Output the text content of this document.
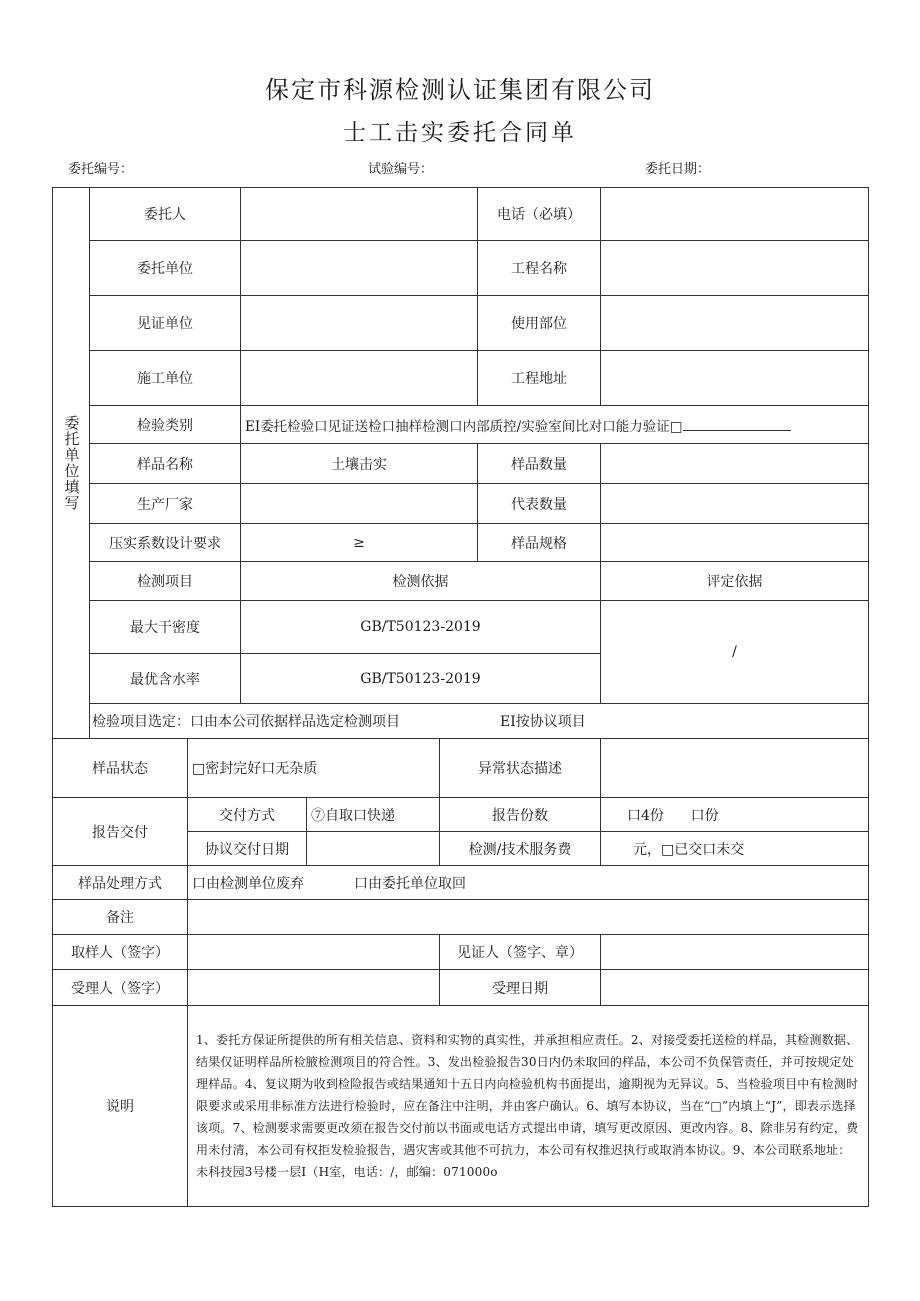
保定市科源检测认证集团有限公司
士工击实委托合同单
委托编号：	试验编号：	委托日期：
委托单位填写	委托人		电话（必填）	
	委托单位		工程名称	
	见证单位		使用部位	
	施工单位		工程地址	
	检验类别	EI委托检验口见证送检口抽样检测口内部质控/实验室间比对口能力验证□		
	样品名称	土壤击实	样品数量	
	生产厂家		代表数量	
	压实系数设计要求	≥	样品规格	
	检测项目	检测依据		评定依据
	最大干密度	GB/T50123-2019		/
	最优含水率	GB/T50123-2019		
	检验项目选定：口由本公司依据样品选定检测项目 EI按协议项目			
样品状态	□密封完好口无杂质		异常状态描述	
报告交付	交付方式	⑦自取口快递	报告份数	口4份      口份
	协议交付日期		检测/技术服务费	元，□已交口未交
样品处理方式	口由检测单位废弃 口由委托单位取回			
备注				
取样人（签字）			见证人（签字、章）	
受理人（签字）			受理日期	
说明	1、委托方保证所提供的所有相关信息、资料和实物的真实性，并承担相应责任。2、对接受委托送检的样品，其检测数据、结果仅证明样品所检腋检测项目的符合性。3、发出检验报告30日内仍未取回的样品，本公司不负保管责任，并可按规定处理样品。4、复议期为收到检险报告或结果通知十五日内向检验机构书面提出，逾期视为无异议。5、当检验项目中有检测时限要求或采用非标准方法进行检验时，应在备注中注明，并由客户确认。6、填写本协议，当在“□”内填上“J”，即表示选择该项。7、检测要求需要更改须在报告交付前以书面或电话方式提出申请，填写更改原因、更改内容。8、除非另有约定，费用未付清，本公司有权拒发检验报告，遇灾害或其他不可抗力，本公司有权推迟执行或取消本协议。9、本公司联系地址：未科技园3号楼一层I（H室，电话：/，邮编：071000o			
